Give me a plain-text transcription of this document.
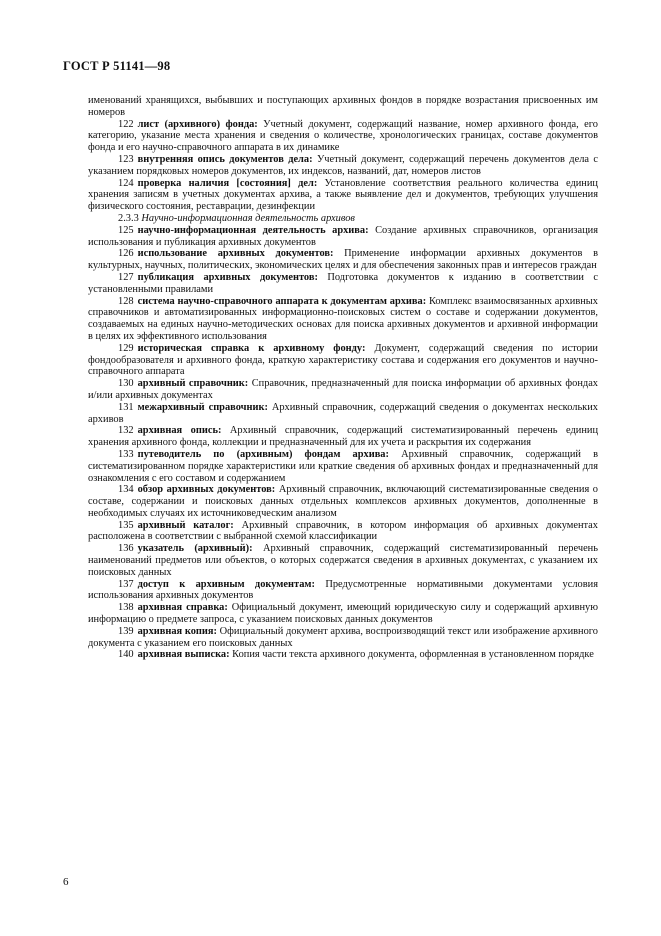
ГОСТ Р 51141—98

именований хранящихся, выбывших и поступающих архивных фондов в порядке возрастания присвоенных им номеров

122 лист (архивного) фонда: Учетный документ, содержащий название, номер архивного фонда, его категорию, указание места хранения и сведения о количестве, хронологических границах, составе документов фонда и его научно-справочного аппарата в их динамике

123 внутренняя опись документов дела: Учетный документ, содержащий перечень документов дела с указанием порядковых номеров документов, их индексов, названий, дат, номеров листов

124 проверка наличия [состояния] дел: Установление соответствия реального количества единиц хранения записям в учетных документах архива, а также выявление дел и документов, требующих улучшения физического состояния, реставрации, дезинфекции

2.3.3 Научно-информационная деятельность архивов

125 научно-информационная деятельность архива: Создание архивных справочников, организация использования и публикация архивных документов

126 использование архивных документов: Применение информации архивных документов в культурных, научных, политических, экономических целях и для обеспечения законных прав и интересов граждан

127 публикация архивных документов: Подготовка документов к изданию в соответствии с установленными правилами

128 система научно-справочного аппарата к документам архива: Комплекс взаимосвязанных архивных справочников и автоматизированных информационно-поисковых систем о составе и содержании документов, создаваемых на единых научно-методических основах для поиска архивных документов и архивной информации в целях их эффективного использования

129 историческая справка к архивному фонду: Документ, содержащий сведения по истории фондообразователя и архивного фонда, краткую характеристику состава и содержания его документов и научно-справочного аппарата

130 архивный справочник: Справочник, предназначенный для поиска информации об архивных фондах и/или архивных документах

131 межархивный справочник: Архивный справочник, содержащий сведения о документах нескольких архивов

132 архивная опись: Архивный справочник, содержащий систематизированный перечень единиц хранения архивного фонда, коллекции и предназначенный для их учета и раскрытия их содержания

133 путеводитель по (архивным) фондам архива: Архивный справочник, содержащий в систематизированном порядке характеристики или краткие сведения об архивных фондах и предназначенный для ознакомления с его составом и содержанием

134 обзор архивных документов: Архивный справочник, включающий систематизированные сведения о составе, содержании и поисковых данных отдельных комплексов архивных документов, дополненные в необходимых случаях их источниковедческим анализом

135 архивный каталог: Архивный справочник, в котором информация об архивных документах расположена в соответствии с выбранной схемой классификации

136 указатель (архивный): Архивный справочник, содержащий систематизированный перечень наименований предметов или объектов, о которых содержатся сведения в архивных документах, с указанием их поисковых данных

137 доступ к архивным документам: Предусмотренные нормативными документами условия использования архивных документов

138 архивная справка: Официальный документ, имеющий юридическую силу и содержащий архивную информацию о предмете запроса, с указанием поисковых данных документов

139 архивная копия: Официальный документ архива, воспроизводящий текст или изображение архивного документа с указанием его поисковых данных

140 архивная выписка: Копия части текста архивного документа, оформленная в установленном порядке

6
